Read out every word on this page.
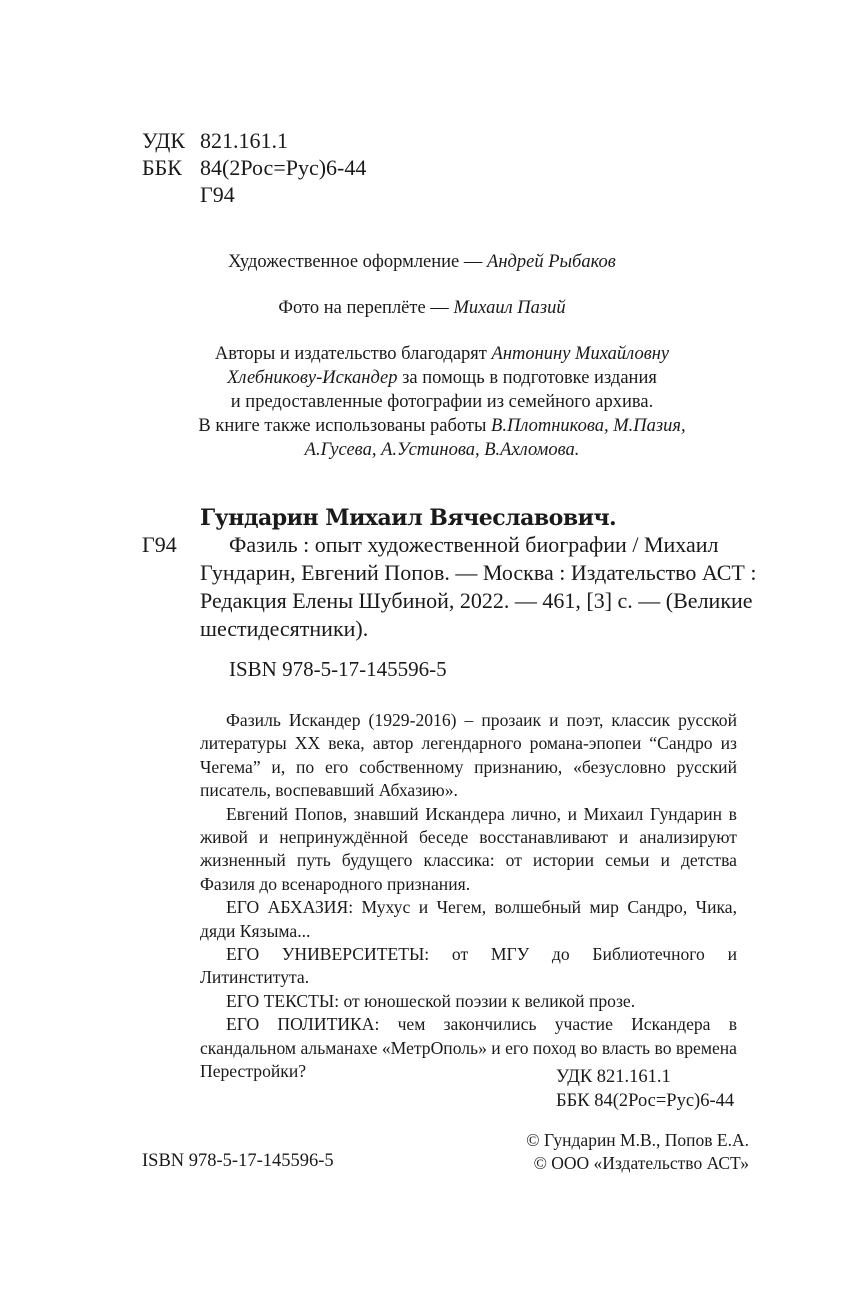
УДК 821.161.1
ББК 84(2Рос=Рус)6-44
Г94
Художественное оформление — Андрей Рыбаков
Фото на переплёте — Михаил Пазий
Авторы и издательство благодарят Антонину Михайловну
Хлебникову-Искандер за помощь в подготовке издания
и предоставленные фотографии из семейного архива.
В книге также использованы работы В.Плотникова, М.Пазия,
А.Гусева, А.Устинова, В.Ахломова.
Гундарин Михаил Вячеславович.
Г94 Фазиль : опыт художественной биографии / Михаил
Гундарин, Евгений Попов. — Москва : Издательство АСТ :
Редакция Елены Шубиной, 2022. — 461, [3] с. — (Великие
шестидесятники).
ISBN 978-5-17-145596-5

Фазиль Искандер (1929-2016) – прозаик и поэт, классик русской литературы XX века, автор легендарного романа-эпопеи “Сандро из Чегема” и, по его собственному признанию, «безусловно русский писатель, воспевавший Абхазию».

Евгений Попов, знавший Искандера лично, и Михаил Гундарин в живой и непринуждённой беседе восстанавливают и анализируют жизненный путь будущего классика: от истории семьи и детства Фазиля до всенародного признания.

ЕГО АБХАЗИЯ: Мухус и Чегем, волшебный мир Сандро, Чика, дяди Кязыма...

ЕГО УНИВЕРСИТЕТЫ: от МГУ до Библиотечного и Литинститута.

ЕГО ТЕКСТЫ: от юношеской поэзии к великой прозе.

ЕГО ПОЛИТИКА: чем закончились участие Искандера в скандальном альманахе «МетрОполь» и его поход во власть во времена Перестройки?	УДК 821.161.1
ББК 84(2Рос=Рус)6-44
© Гундарин М.В., Попов Е.А.
ISBN 978-5-17-145596-5	© ООО «Издательство АСТ»
